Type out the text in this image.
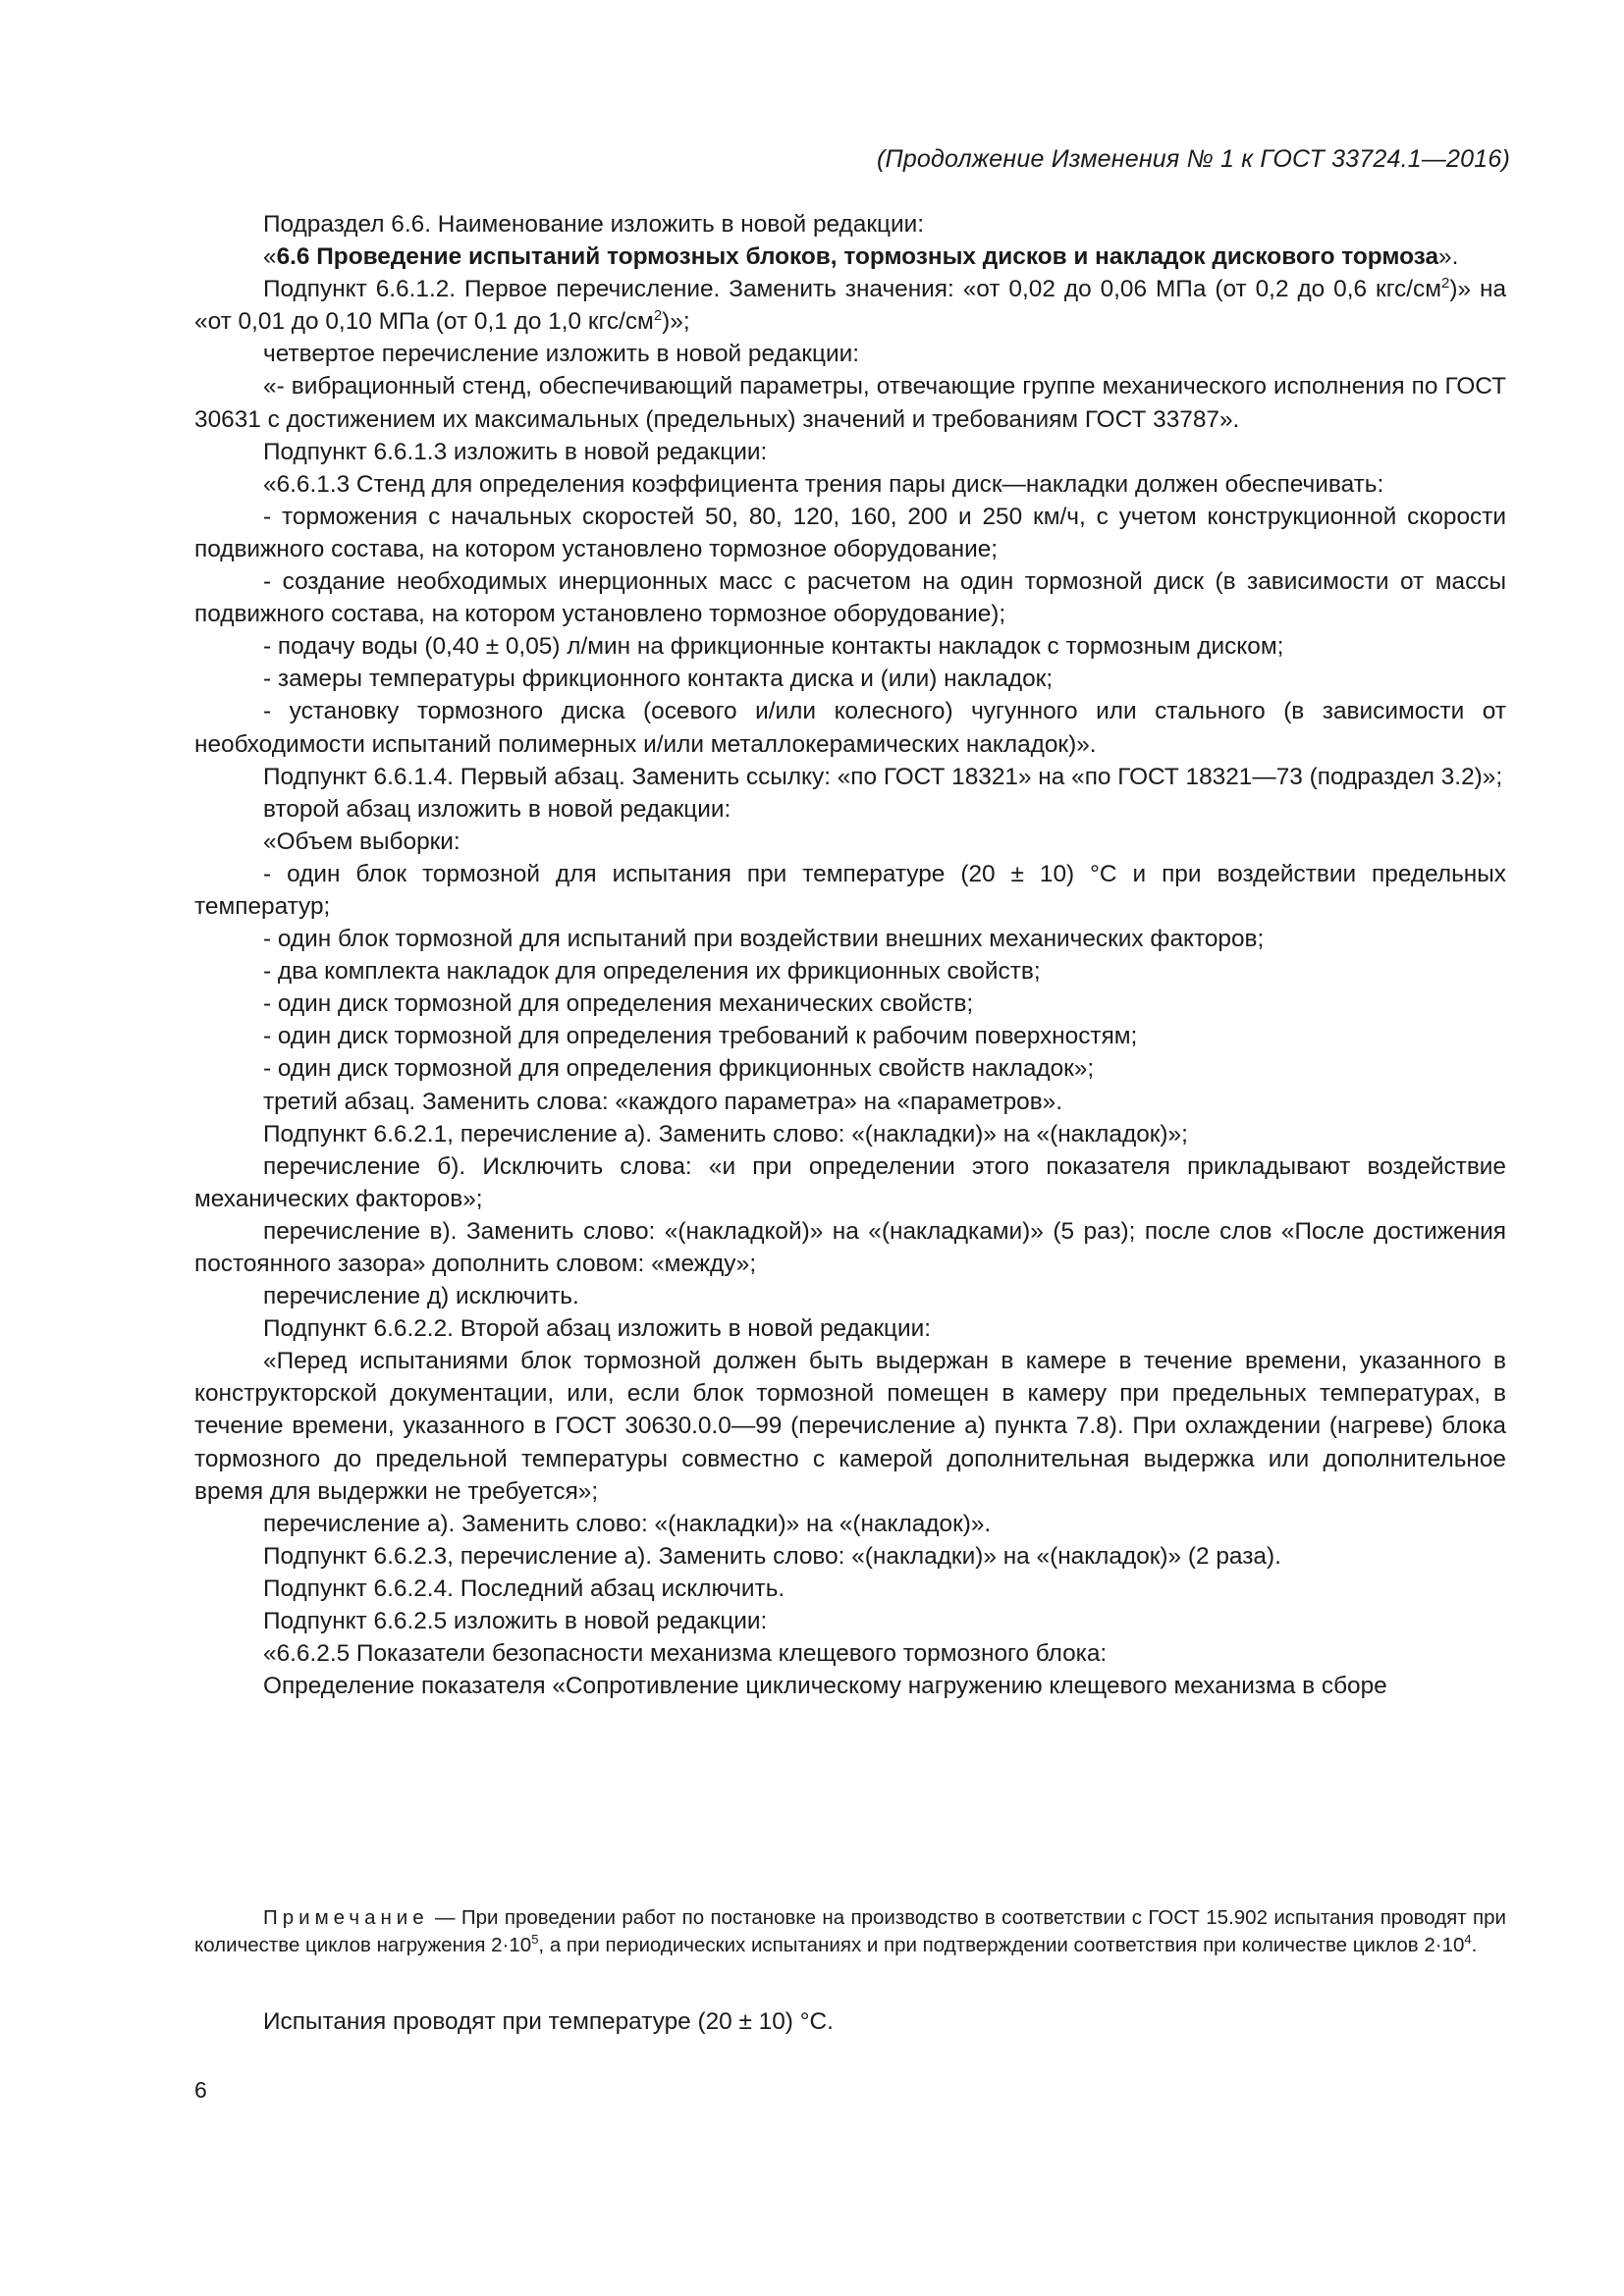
(Продолжение Изменения № 1 к ГОСТ 33724.1—2016)

Подраздел 6.6. Наименование изложить в новой редакции:

«6.6 Проведение испытаний тормозных блоков, тормозных дисков и накладок дискового тормоза».

Подпункт 6.6.1.2. Первое перечисление. Заменить значения: «от 0,02 до 0,06 МПа (от 0,2 до 0,6 кгс/$см^2$)» на «от 0,01 до 0,10 МПа (от 0,1 до 1,0 кгс/$см^2$)»;

четвертое перечисление изложить в новой редакции:

«- вибрационный стенд, обеспечивающий параметры, отвечающие группе механического исполнения по ГОСТ 30631 с достижением их максимальных (предельных) значений и требованиям ГОСТ 33787».

Подпункт 6.6.1.3 изложить в новой редакции:

«6.6.1.3 Стенд для определения коэффициента трения пары диск—накладки должен обеспечивать:

- торможения с начальных скоростей 50, 80, 120, 160, 200 и 250 км/ч, с учетом конструкционной скорости подвижного состава, на котором установлено тормозное оборудование;

- создание необходимых инерционных масс с расчетом на один тормозной диск (в зависимости от массы подвижного состава, на котором установлено тормозное оборудование);

- подачу воды (0,40 ± 0,05) л/мин на фрикционные контакты накладок с тормозным диском;

- замеры температуры фрикционного контакта диска и (или) накладок;

- установку тормозного диска (осевого и/или колесного) чугунного или стального (в зависимости от необходимости испытаний полимерных и/или металлокерамических накладок)».

Подпункт 6.6.1.4. Первый абзац. Заменить ссылку: «по ГОСТ 18321» на «по ГОСТ 18321—73 (подраздел 3.2)»;

второй абзац изложить в новой редакции:

«Объем выборки:

- один блок тормозной для испытания при температуре (20 ± 10) °С и при воздействии предельных температур;

- один блок тормозной для испытаний при воздействии внешних механических факторов;

- два комплекта накладок для определения их фрикционных свойств;

- один диск тормозной для определения механических свойств;

- один диск тормозной для определения требований к рабочим поверхностям;

- один диск тормозной для определения фрикционных свойств накладок»;

третий абзац. Заменить слова: «каждого параметра» на «параметров».

Подпункт 6.6.2.1, перечисление а). Заменить слово: «(накладки)» на «(накладок)»;

перечисление б). Исключить слова: «и при определении этого показателя прикладывают воздействие механических факторов»;

перечисление в). Заменить слово: «(накладкой)» на «(накладками)» (5 раз); после слов «После достижения постоянного зазора» дополнить словом: «между»;

перечисление д) исключить.

Подпункт 6.6.2.2. Второй абзац изложить в новой редакции:

«Перед испытаниями блок тормозной должен быть выдержан в камере в течение времени, указанного в конструкторской документации, или, если блок тормозной помещен в камеру при предельных температурах, в течение времени, указанного в ГОСТ 30630.0.0—99 (перечисление а) пункта 7.8). При охлаждении (нагреве) блока тормозного до предельной температуры совместно с камерой дополнительная выдержка или дополнительное время для выдержки не требуется»;

перечисление а). Заменить слово: «(накладки)» на «(накладок)».

Подпункт 6.6.2.3, перечисление а). Заменить слово: «(накладки)» на «(накладок)» (2 раза).

Подпункт 6.6.2.4. Последний абзац исключить.

Подпункт 6.6.2.5 изложить в новой редакции:

«6.6.2.5 Показатели безопасности механизма клещевого тормозного блока:

Определение показателя «Сопротивление циклическому нагружению клещевого механизма в сборе

Примечание — При проведении работ по постановке на производство в соответствии с ГОСТ 15.902 испытания проводят при количестве циклов нагружения $2\cdot 10^5$, а при периодических испытаниях и при подтверждении соответствия при количестве циклов $2\cdot 10^4$.

Испытания проводят при температуре (20 ± 10) °С.

6
